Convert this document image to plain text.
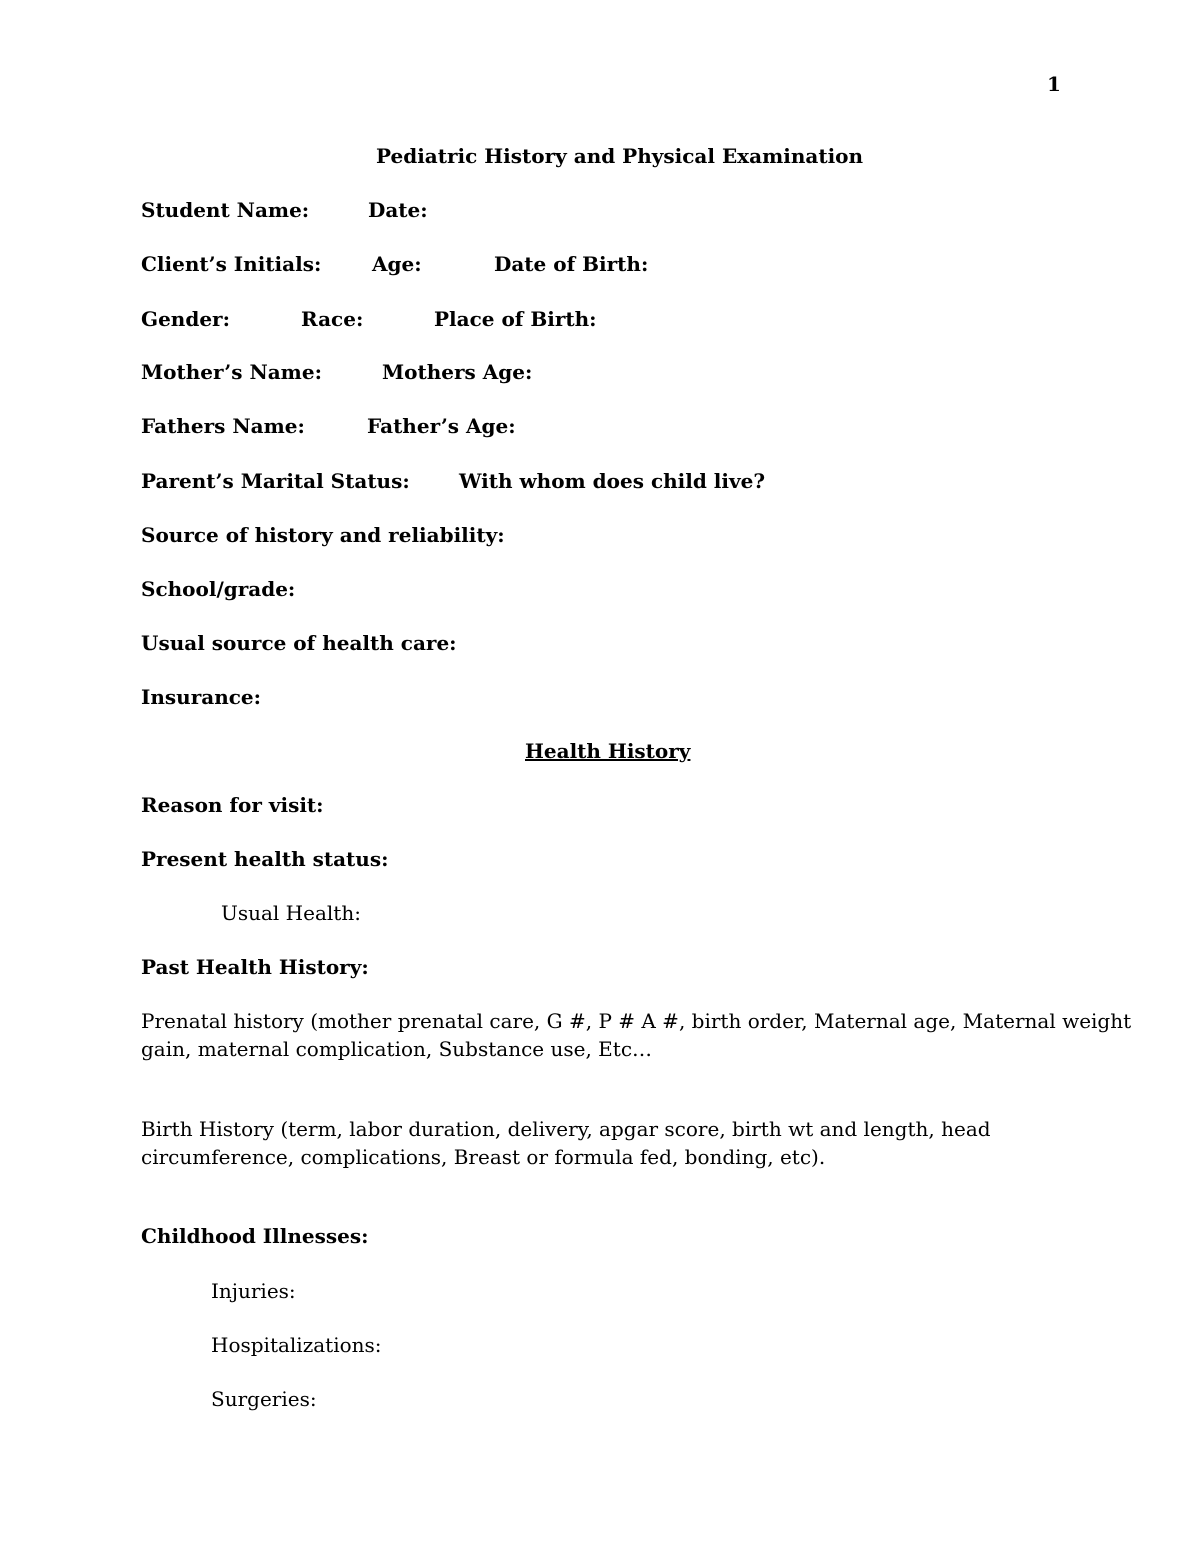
1
Pediatric History and Physical Examination
Student Name:	Date:
Client’s Initials:	Age:	Date of Birth:
Gender:	Race:	Place of Birth:
Mother’s Name:	Mothers Age:
Fathers Name:	Father’s Age:
Parent’s Marital Status: With whom does child live?
Source of history and reliability:
School/grade:
Usual source of health care:
Insurance:
Health History
Reason for visit:
Present health status:
Usual Health:
Past Health History:
Prenatal history (mother prenatal care, G #, P # A #, birth order, Maternal age, Maternal weight
gain, maternal complication, Substance use, Etc…
Birth History (term, labor duration, delivery, apgar score, birth wt and length, head
circumference, complications, Breast or formula fed, bonding, etc).
Childhood Illnesses:
Injuries:
Hospitalizations:
Surgeries:
